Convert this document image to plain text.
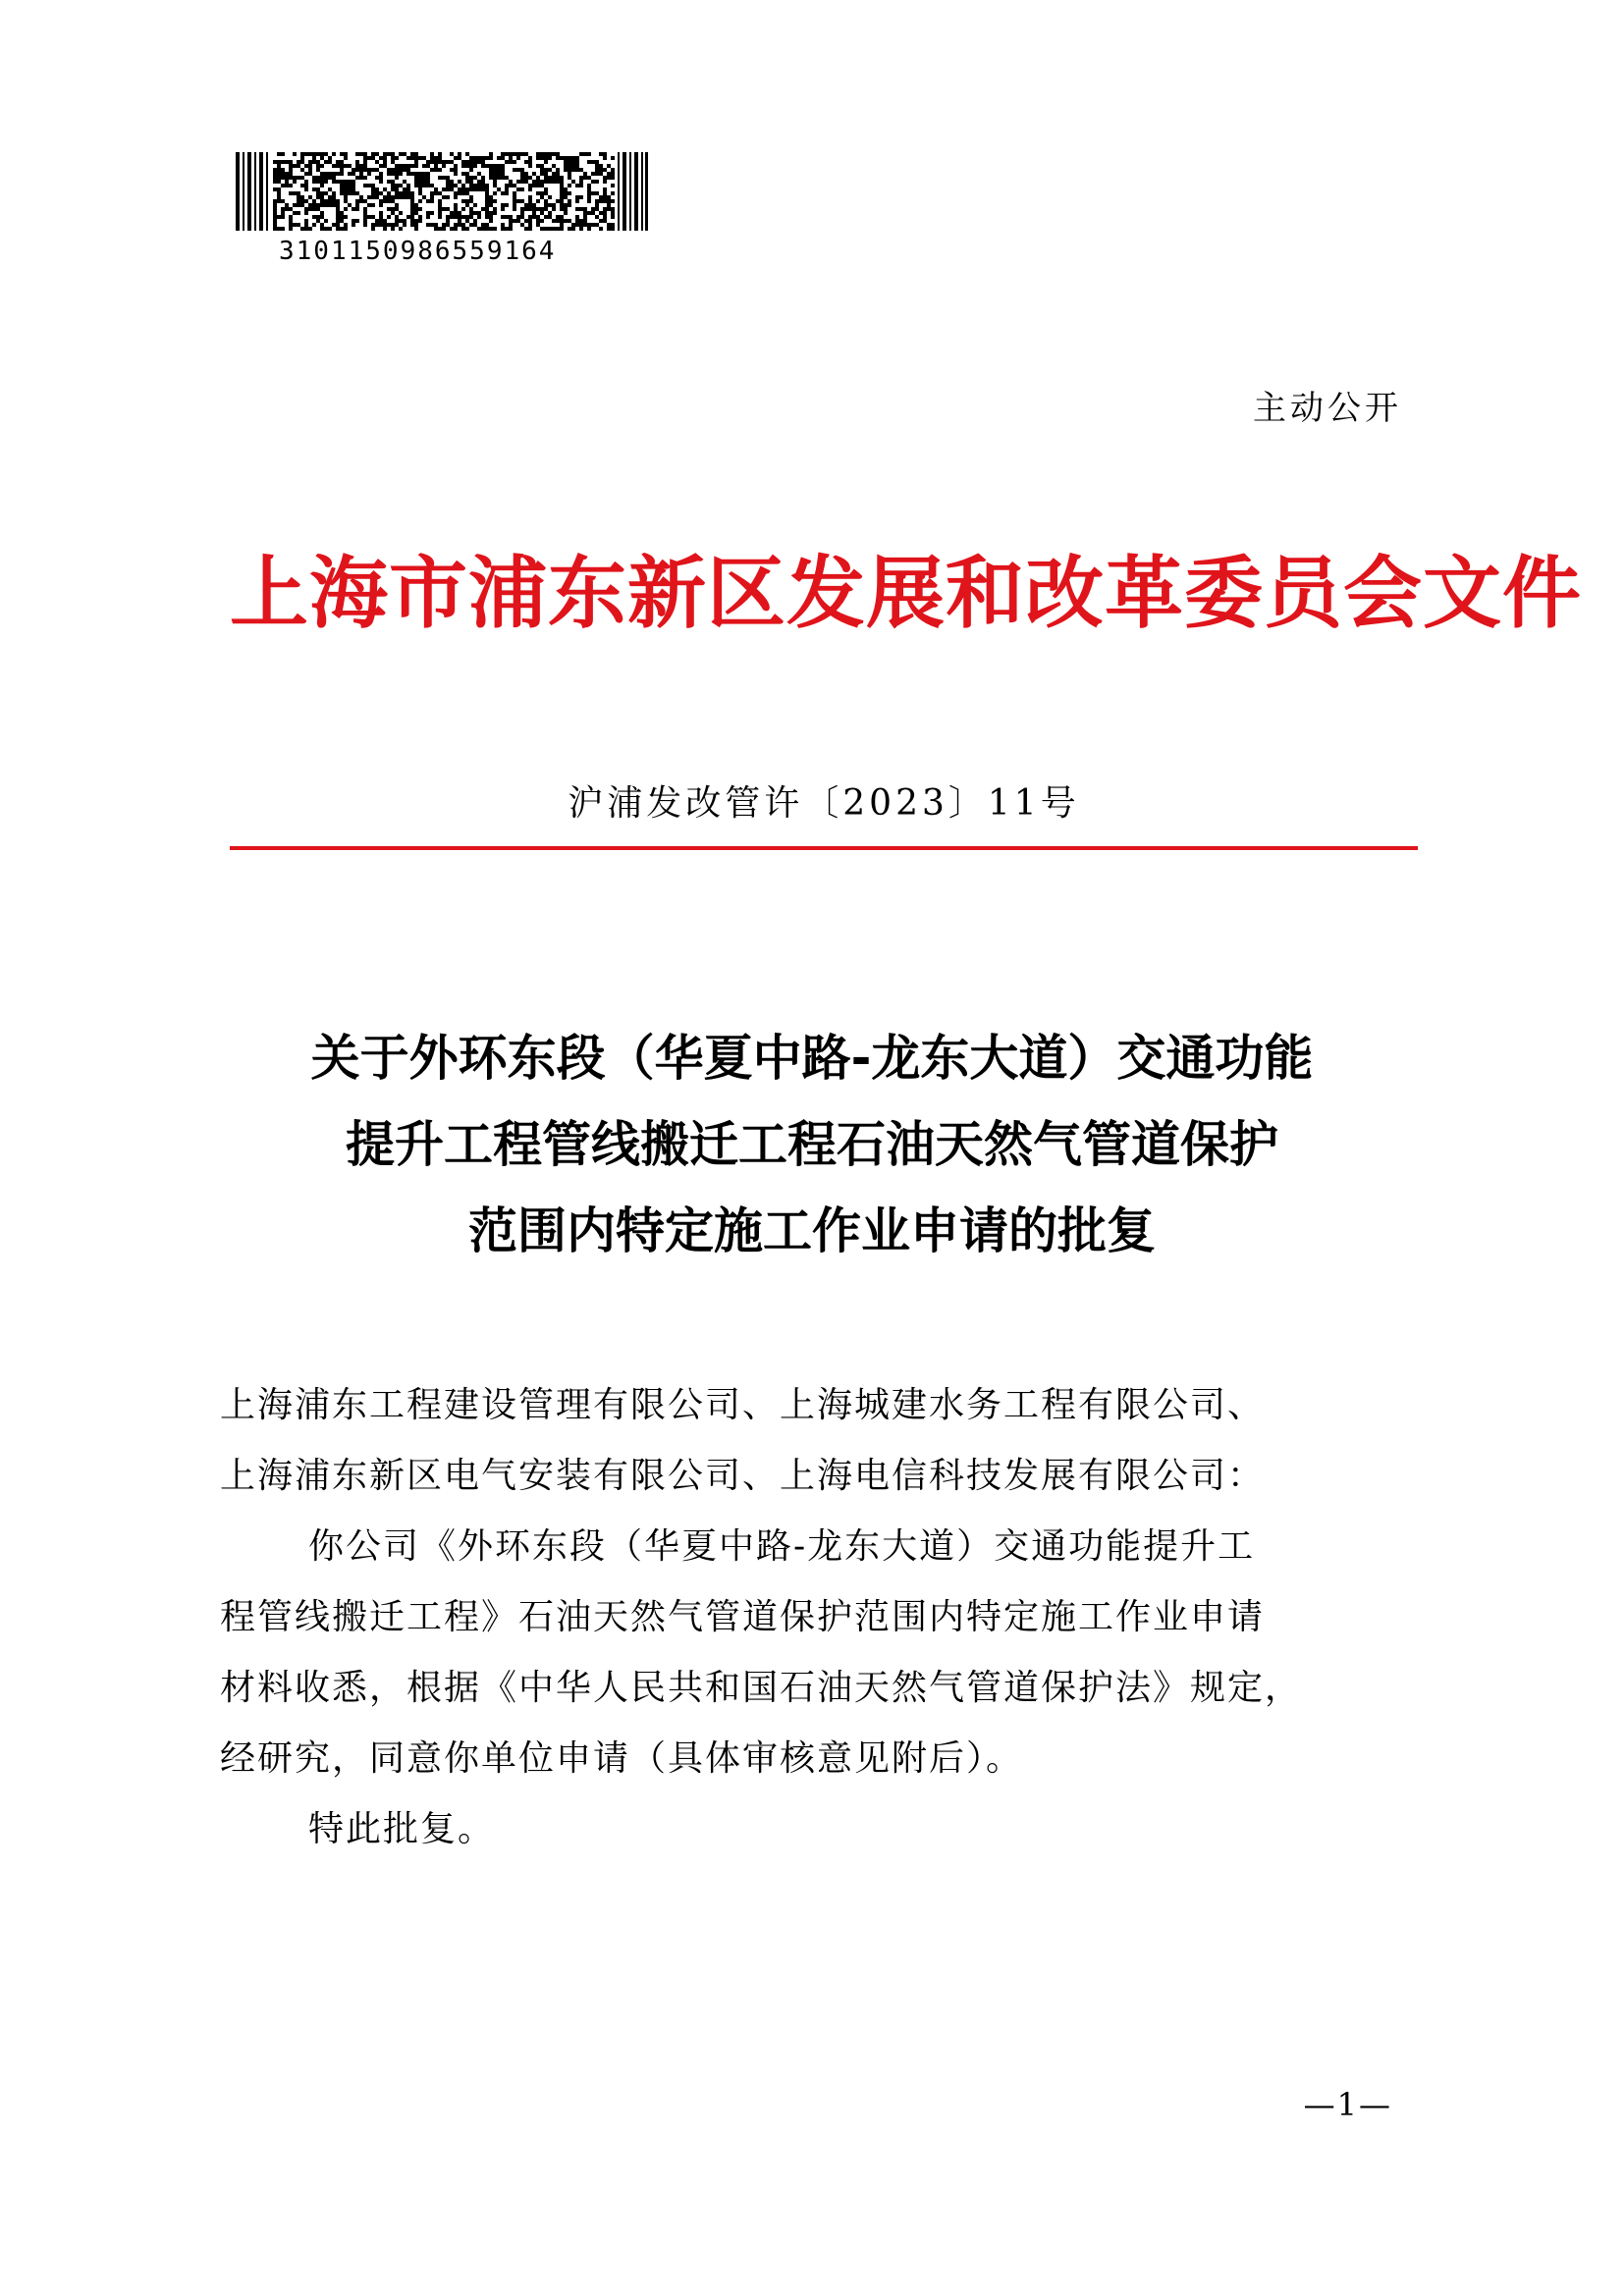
3101150986559164
主动公开
上海市浦东新区发展和改革委员会文件
沪浦发改管许〔2023〕11号
关于外环东段（华夏中路-龙东大道）交通功能
提升工程管线搬迁工程石油天然气管道保护
范围内特定施工作业申请的批复

上海浦东工程建设管理有限公司、上海城建水务工程有限公司、

上海浦东新区电气安装有限公司、上海电信科技发展有限公司：

你公司《外环东段（华夏中路-龙东大道）交通功能提升工

程管线搬迁工程》石油天然气管道保护范围内特定施工作业申请

材料收悉，根据《中华人民共和国石油天然气管道保护法》规定，

经研究，同意你单位申请（具体审核意见附后）。

特此批复。

—1—
